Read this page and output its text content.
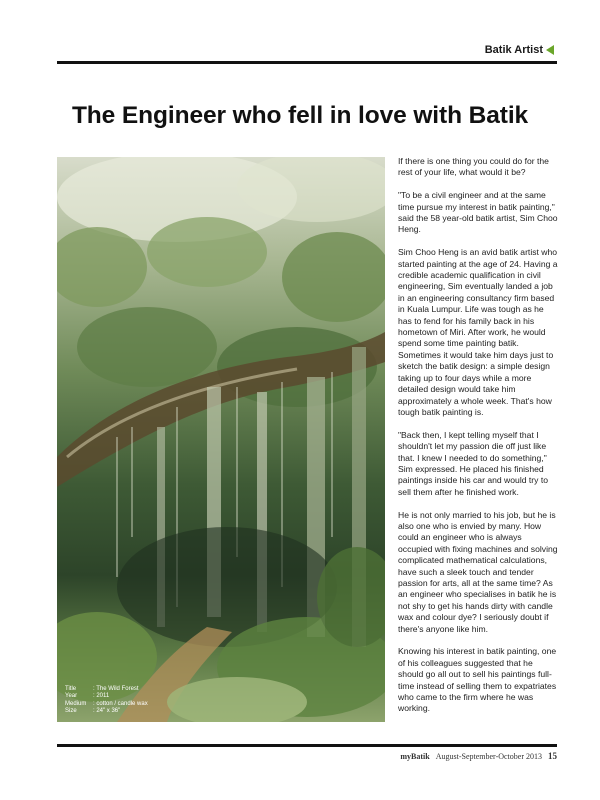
Batik Artist
The Engineer who fell in love with Batik
Title	: The Wild Forest
Year	: 2011
Medium	: cotton / candle wax
Size	: 24" x 36"

If there is one thing you could do for the rest of your life, what would it be?

"To be a civil engineer and at the same time pursue my interest in batik painting," said the 58 year-old batik artist, Sim Choo Heng.

Sim Choo Heng is an avid batik artist who started painting at the age of 24. Having a credible academic qualification in civil engineering, Sim eventually landed a job in an engineering consultancy firm based in Kuala Lumpur. Life was tough as he has to fend for his family back in his hometown of Miri. After work, he would spend some time painting batik. Sometimes it would take him days just to sketch the batik design: a simple design taking up to four days while a more detailed design would take him approximately a whole week. That's how tough batik painting is.

"Back then, I kept telling myself that I shouldn't let my passion die off just like that. I knew I needed to do something," Sim expressed. He placed his finished paintings inside his car and would try to sell them after he finished work.

He is not only married to his job, but he is also one who is envied by many. How could an engineer who is always occupied with fixing machines and solving complicated mathematical calculations, have such a sleek touch and tender passion for arts, all at the same time? As an engineer who specialises in batik he is not shy to get his hands dirty with candle wax and colour dye? I seriously doubt if there's anyone like him.

Knowing his interest in batik painting, one of his colleagues suggested that he should go all out to sell his paintings full-time instead of selling them to expatriates who came to the firm where he was working.

myBatik August-September-October 2013 15
